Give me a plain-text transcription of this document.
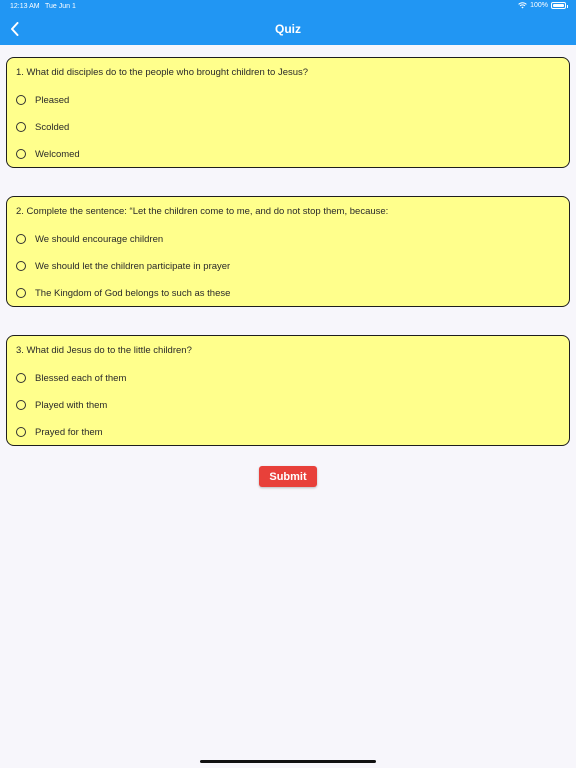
12:13 AM Tue Jun 1	100%
Quiz
1. What did disciples do to the people who brought children to Jesus?
Pleased
Scolded
Welcomed
2. Complete the sentence: “Let the children come to me, and do not stop them, because:
We should encourage children
We should let the children participate in prayer
The Kingdom of God belongs to such as these
3. What did Jesus do to the little children?
Blessed each of them
Played with them
Prayed for them
Submit
